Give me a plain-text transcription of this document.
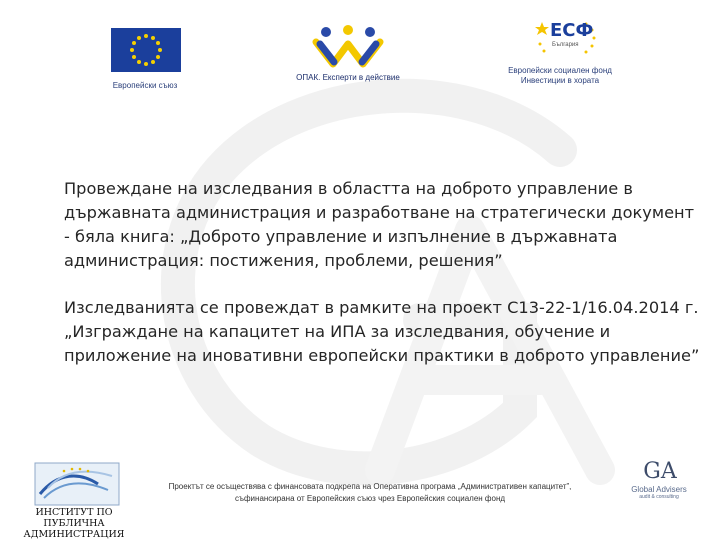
Европейски съюз
ОПАК. Експерти в действие
ЕСФ
България
Европейски социален фонд
Инвестиции в хората
Провеждане на изследвания в областта на доброто управление в държавната администрация и разработване на стратегически документ - бяла книга: „Доброто управление и изпълнение в държавната администрация: постижения, проблеми, решения”
Изследванията се провеждат в рамките на проект С13-22-1/16.04.2014 г. „Изграждане на капацитет на ИПА за изследвания, обучение и приложение на иновативни европейски практики в доброто управление”
ИНСТИТУТ ПО ПУБЛИЧНА АДМИНИСТРАЦИЯ
Проектът се осъществява с финансовата подкрепа на Оперативна програма „Административен капацитет”, съфинансирана от Европейския съюз чрез Европейския социален фонд
GA
Global Advisers
audit & consulting
